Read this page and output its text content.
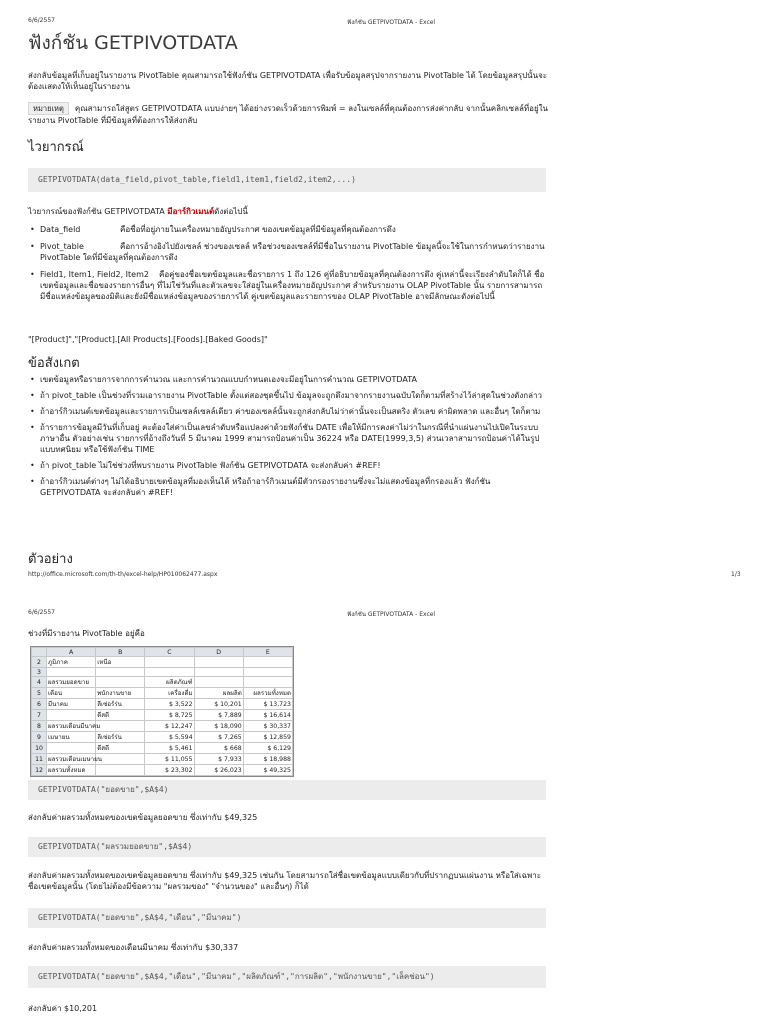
6/6/2557	ฟังก์ชัน GETPIVOTDATA - Excel
ฟังก์ชัน GETPIVOTDATA
ส่งกลับข้อมูลที่เก็บอยู่ในรายงาน PivotTable คุณสามารถใช้ฟังก์ชัน GETPIVOTDATA เพื่อรับข้อมูลสรุปจากรายงาน PivotTable ได้ โดยข้อมูลสรุปนั้นจะต้องแสดงให้เห็นอยู่ในรายงาน
หมายเหตุ คุณสามารถใส่สูตร GETPIVOTDATA แบบง่ายๆ ได้อย่างรวดเร็วด้วยการพิมพ์ = ลงในเซลล์ที่คุณต้องการส่งค่ากลับ จากนั้นคลิกเซลล์ที่อยู่ในรายงาน PivotTable ที่มีข้อมูลที่ต้องการให้ส่งกลับ
ไวยากรณ์
GETPIVOTDATA(data_field,pivot_table,field1,item1,field2,item2,...)
ไวยากรณ์ของฟังก์ชัน GETPIVOTDATA มีอาร์กิวเมนต์ดังต่อไปนี้
• Data_field	คือชื่อที่อยู่ภายในเครื่องหมายอัญประกาศ ของเขตข้อมูลที่มีข้อมูลที่คุณต้องการดึง
• Pivot_table	คือการอ้างอิงไปยังเซลล์ ช่วงของเซลล์ หรือช่วงของเซลล์ที่มีชื่อในรายงาน PivotTable ข้อมูลนี้จะใช้ในการกำหนดว่ารายงาน PivotTable ใดที่มีข้อมูลที่คุณต้องการดึง
• Field1, Item1, Field2, Item2 คือคู่ของชื่อเขตข้อมูลและชื่อรายการ 1 ถึง 126 คู่ที่อธิบายข้อมูลที่คุณต้องการดึง คู่เหล่านี้จะเรียงลำดับใดก็ได้ ชื่อเขตข้อมูลและชื่อของรายการอื่นๆ ที่ไม่ใช่วันที่และตัวเลขจะใส่อยู่ในเครื่องหมายอัญประกาศ สำหรับรายงาน OLAP PivotTable นั้น รายการสามารถมีชื่อแหล่งข้อมูลของมิติและยังมีชื่อแหล่งข้อมูลของรายการได้ คู่เขตข้อมูลและรายการของ OLAP PivotTable อาจมีลักษณะดังต่อไปนี้
"[Product]","[Product].[All Products].[Foods].[Baked Goods]"
ข้อสังเกต
• เขตข้อมูลหรือรายการจากการคำนวณ และการคำนวณแบบกำหนดเองจะมีอยู่ในการคำนวณ GETPIVOTDATA
• ถ้า pivot_table เป็นช่วงที่รวมเอารายงาน PivotTable ตั้งแต่สองชุดขึ้นไป ข้อมูลจะถูกดึงมาจากรายงานฉบับใดก็ตามที่สร้างไว้ล่าสุดในช่วงดังกล่าว
• ถ้าอาร์กิวเมนต์เขตข้อมูลและรายการเป็นเซลล์เซลล์เดียว ค่าของเซลล์นั้นจะถูกส่งกลับไม่ว่าค่านั้นจะเป็นสตริง ตัวเลข ค่าผิดพลาด และอื่นๆ ใดก็ตาม
• ถ้ารายการข้อมูลมีวันที่เก็บอยู่ คะต้องใส่ค่าเป็นเลขลำดับหรือแปลงค่าด้วยฟังก์ชัน DATE เพื่อให้มีการคงค่าไม่ว่าในกรณีที่นำแผ่นงานไปเปิดในระบบภาษาอื่น ตัวอย่างเช่น รายการที่อ้างถึงวันที่ 5 มีนาคม 1999 สามารถป้อนค่าเป็น 36224 หรือ DATE(1999,3,5) ส่วนเวลาสามารถป้อนค่าได้ในรูปแบบทศนิยม หรือใช้ฟังก์ชัน TIME
• ถ้า pivot_table ไม่ใช่ช่วงที่พบรายงาน PivotTable ฟังก์ชัน GETPIVOTDATA จะส่งกลับค่า #REF!
• ถ้าอาร์กิวเมนต์ต่างๆ ไม่ได้อธิบายเขตข้อมูลที่มองเห็นได้ หรือถ้าอาร์กิวเมนต์มีตัวกรองรายงานซึ่งจะไม่แสดงข้อมูลที่กรองแล้ว ฟังก์ชัน GETPIVOTDATA จะส่งกลับค่า #REF!
ตัวอย่าง
http://office.microsoft.com/th-th/excel-help/HP010062477.aspx	1/3
6/6/2557	ฟังก์ชัน GETPIVOTDATA - Excel
ช่วงที่มีรายงาน PivotTable อยู่คือ
	A	B	C	D	E
2	ภูมิภาค	เหนือ			
3					
4	ผลรวมยอดขาย		ผลิตภัณฑ์		
5	เดือน	พนักงานขาย	เครื่องดื่ม	ผลผลิต	ผลรวมทั้งหมด
6	มีนาคม	ลีเซ่อร์ร่น	$ 3,522	$ 10,201	$ 13,723
7		ดีสตี	$ 8,725	$ 7,889	$ 16,614
8	ผลรวมเดือนมีนาคม		$ 12,247	$ 18,090	$ 30,337
9	เมษายน	ลีเซ่อร์ร่น	$ 5,594	$ 7,265	$ 12,859
10		ดีสตี	$ 5,461	$ 668	$ 6,129
11	ผลรวมเดือนเมษายน		$ 11,055	$ 7,933	$ 18,988
12	ผลรวมทั้งหมด		$ 23,302	$ 26,023	$ 49,325
GETPIVOTDATA("ยอดขาย",$A$4)
ส่งกลับค่าผลรวมทั้งหมดของเขตข้อมูลยอดขาย ซึ่งเท่ากับ $49,325
GETPIVOTDATA("ผลรวมยอดขาย",$A$4)
ส่งกลับค่าผลรวมทั้งหมดของเขตข้อมูลยอดขาย ซึ่งเท่ากับ $49,325 เช่นกัน โดยสามารถใส่ชื่อเขตข้อมูลแบบเดียวกับที่ปรากฏบนแผ่นงาน หรือใส่เฉพาะชื่อเขตข้อมูลนั้น (โดยไม่ต้องมีข้อความ "ผลรวมของ" "จำนวนของ" และอื่นๆ) ก็ได้
GETPIVOTDATA("ยอดขาย",$A$4,"เดือน","มีนาคม")
ส่งกลับค่าผลรวมทั้งหมดของเดือนมีนาคม ซึ่งเท่ากับ $30,337
GETPIVOTDATA("ยอดขาย",$A$4,"เดือน","มีนาคม","ผลิตภัณฑ์","การผลิต","พนักงานขาย","เล็คช่อน")
ส่งกลับค่า $10,201
